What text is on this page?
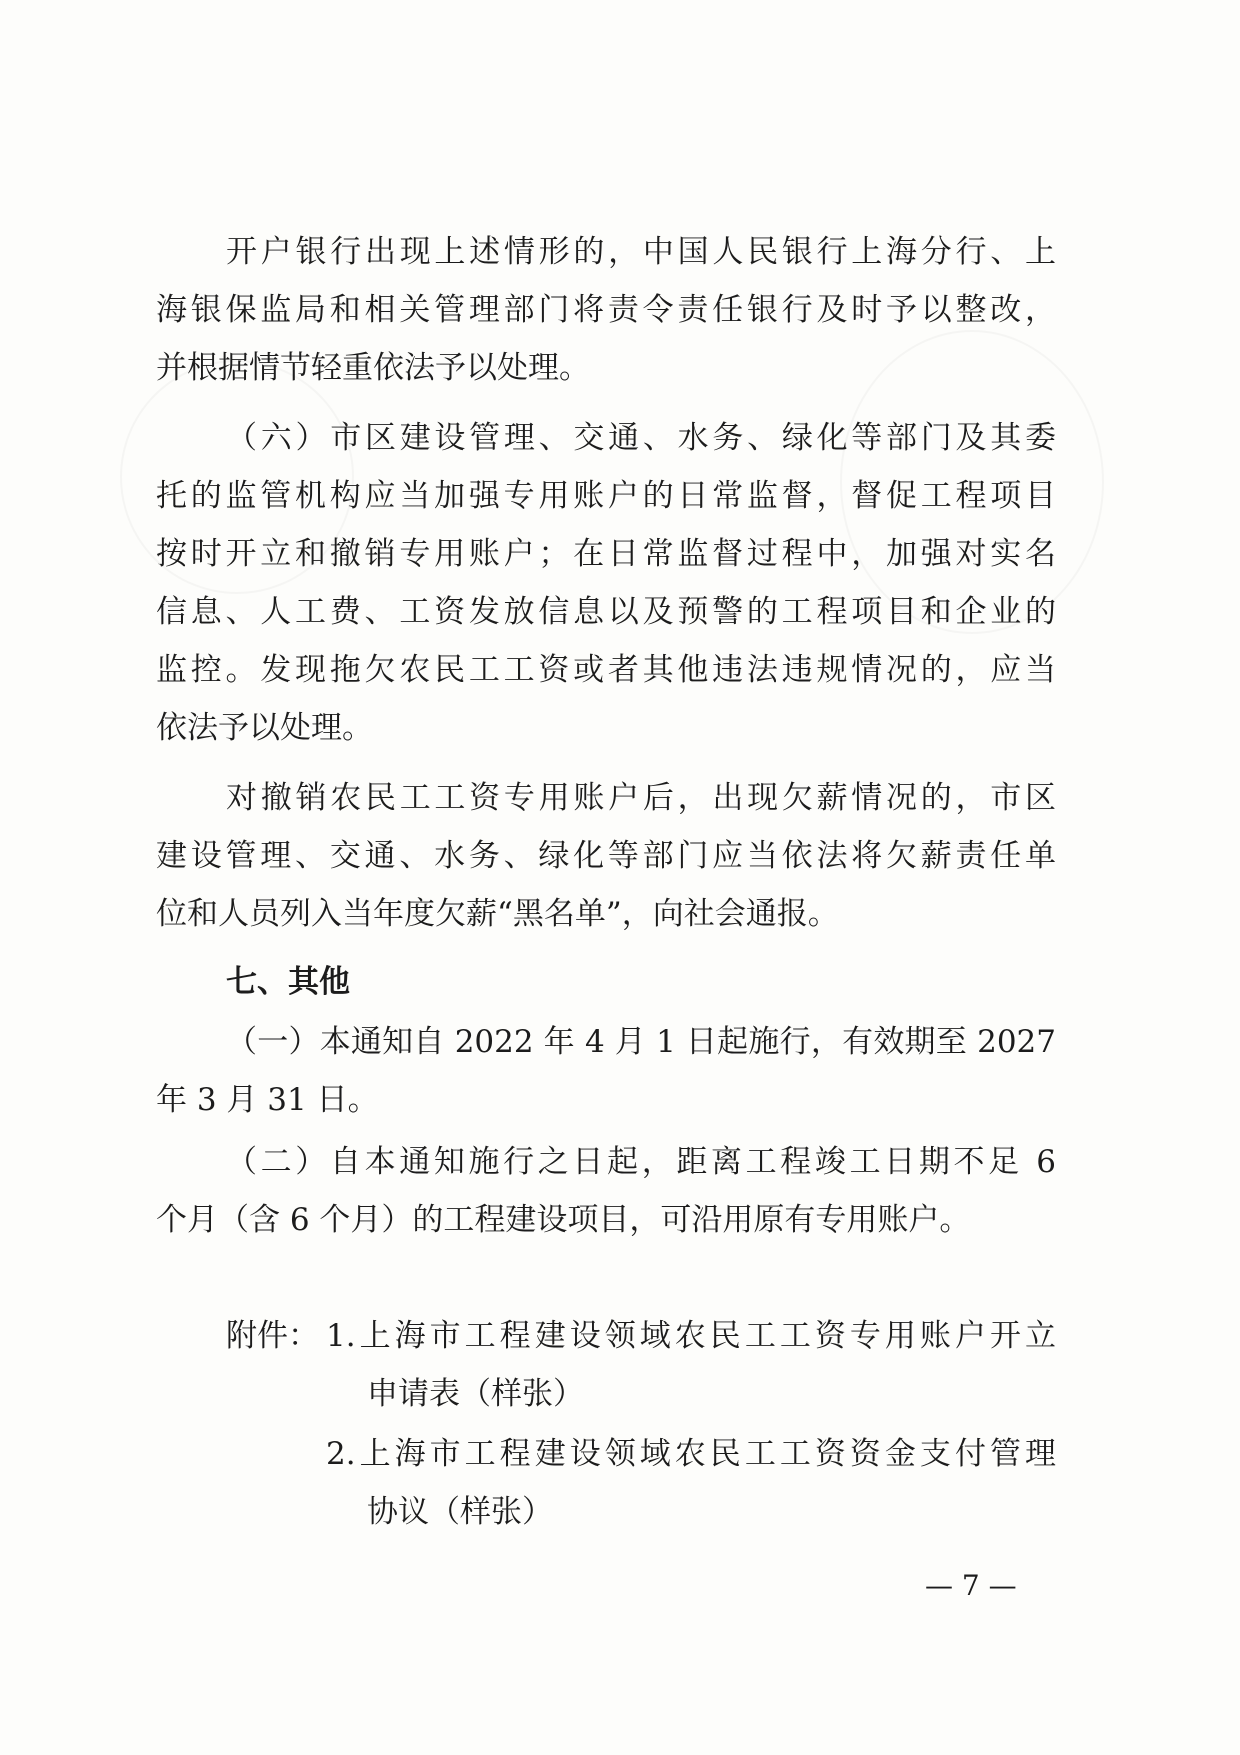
开户银行出现上述情形的，中国人民银行上海分行、上
海银保监局和相关管理部门将责令责任银行及时予以整改，
并根据情节轻重依法予以处理。
（六）市区建设管理、交通、水务、绿化等部门及其委
托的监管机构应当加强专用账户的日常监督，督促工程项目
按时开立和撤销专用账户；在日常监督过程中，加强对实名
信息、人工费、工资发放信息以及预警的工程项目和企业的
监控。发现拖欠农民工工资或者其他违法违规情况的，应当
依法予以处理。
对撤销农民工工资专用账户后，出现欠薪情况的，市区
建设管理、交通、水务、绿化等部门应当依法将欠薪责任单
位和人员列入当年度欠薪“黑名单”，向社会通报。
七、其他
（一）本通知自 2022 年 4 月 1 日起施行，有效期至 2027
年 3 月 31 日。
（二）自本通知施行之日起，距离工程竣工日期不足 6
个月（含 6 个月）的工程建设项目，可沿用原有专用账户。
附件： 1.上海市工程建设领域农民工工资专用账户开立
申请表（样张）
2.上海市工程建设领域农民工工资资金支付管理
协议（样张）
— 7 —
